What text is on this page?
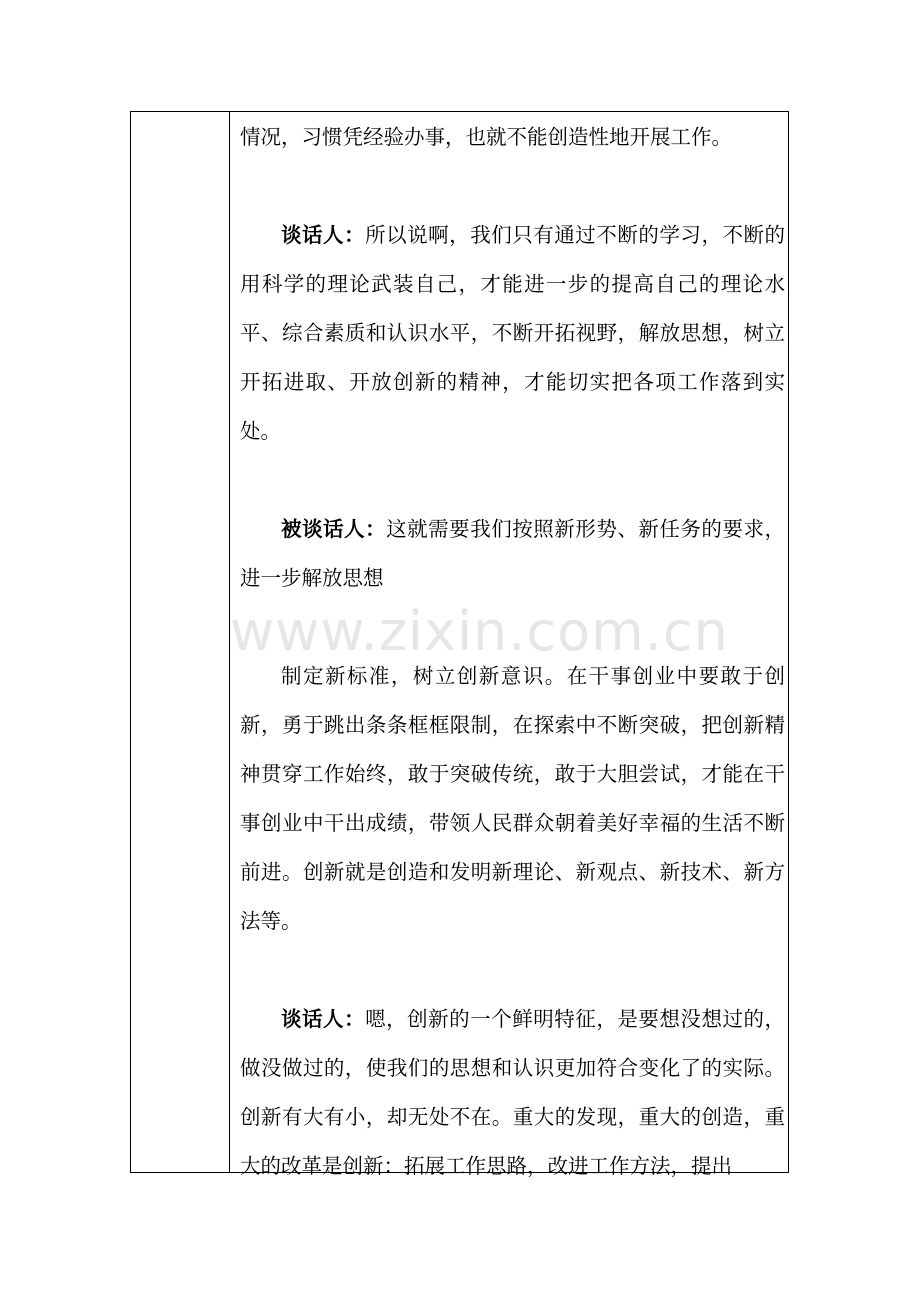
情况，习惯凭经验办事，也就不能创造性地开展工作。

谈话人：所以说啊，我们只有通过不断的学习，不断的用科学的理论武装自己，才能进一步的提高自己的理论水平、综合素质和认识水平，不断开拓视野，解放思想，树立开拓进取、开放创新的精神，才能切实把各项工作落到实处。

被谈话人：这就需要我们按照新形势、新任务的要求，进一步解放思想

制定新标准，树立创新意识。在干事创业中要敢于创新，勇于跳出条条框框限制，在探索中不断突破，把创新精神贯穿工作始终，敢于突破传统，敢于大胆尝试，才能在干事创业中干出成绩，带领人民群众朝着美好幸福的生活不断前进。创新就是创造和发明新理论、新观点、新技术、新方法等。

谈话人：嗯，创新的一个鲜明特征，是要想没想过的，做没做过的，使我们的思想和认识更加符合变化了的实际。创新有大有小，却无处不在。重大的发现，重大的创造，重大的改革是创新：拓展工作思路，改进工作方法，提出

www.zixin.com.cn
